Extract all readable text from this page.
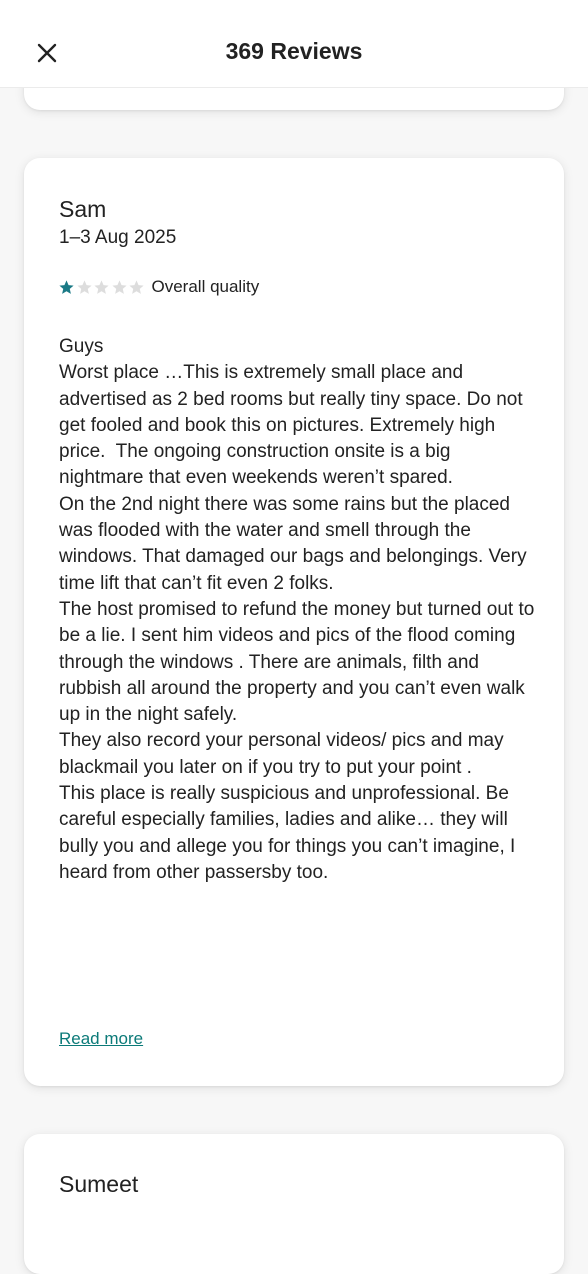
369 Reviews
Sam
1–3 Aug 2025
Overall quality
Guys
Worst place …This is extremely small place and advertised as 2 bed rooms but really tiny space. Do not get fooled and book this on pictures. Extremely high price.  The ongoing construction onsite is a big nightmare that even weekends weren’t spared.
On the 2nd night there was some rains but the placed was flooded with the water and smell through the windows. That damaged our bags and belongings. Very time lift that can’t fit even 2 folks.
The host promised to refund the money but turned out to be a lie. I sent him videos and pics of the flood coming through the windows . There are animals, filth and rubbish all around the property and you can’t even walk up in the night safely.
They also record your personal videos/ pics and may blackmail you later on if you try to put your point .
This place is really suspicious and unprofessional. Be careful especially families, ladies and alike… they will bully you and allege you for things you can’t imagine, I heard from other passersby too.
Read more
Sumeet
